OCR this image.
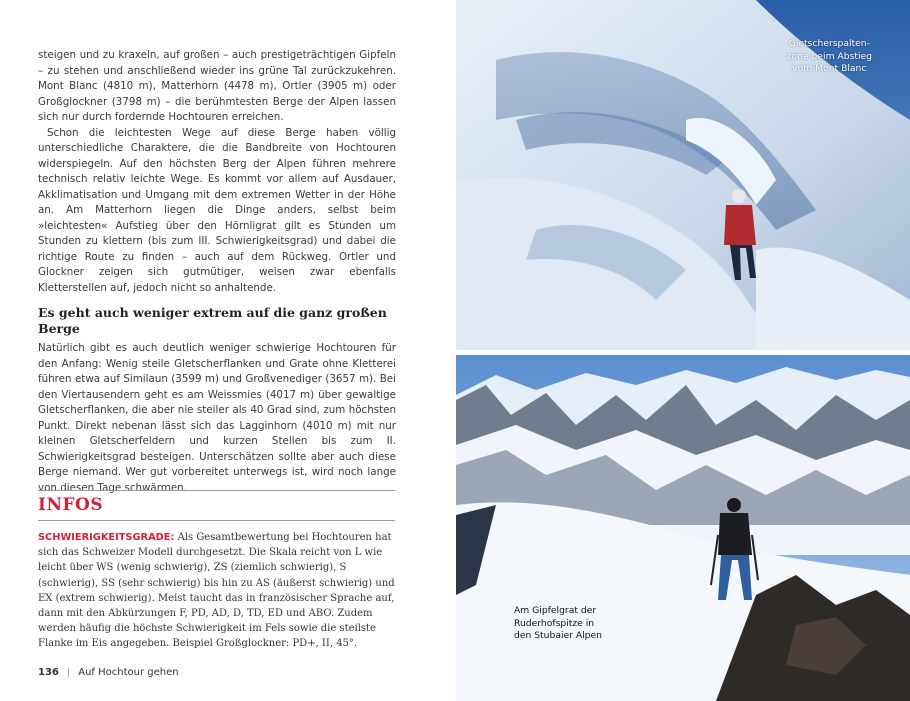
steigen und zu kraxeln, auf großen – auch prestigeträchtigen Gipfeln – zu stehen und anschließend wieder ins grüne Tal zurückzukehren. Mont Blanc (4810 m), Matterhorn (4478 m), Ortler (3905 m) oder Großglockner (3798 m) – die berühmtesten Berge der Alpen lassen sich nur durch fordernde Hochtouren erreichen.

Schon die leichtesten Wege auf diese Berge haben völlig unterschiedliche Charaktere, die die Bandbreite von Hochtouren widerspiegeln. Auf den höchsten Berg der Alpen führen mehrere technisch relativ leichte Wege. Es kommt vor allem auf Ausdauer, Akklimatisation und Umgang mit dem extremen Wetter in der Höhe an. Am Matterhorn liegen die Dinge anders, selbst beim »leichtesten« Aufstieg über den Hörnligrat gilt es Stunden um Stunden zu klettern (bis zum III. Schwierigkeitsgrad) und dabei die richtige Route zu finden – auch auf dem Rückweg. Ortler und Glockner zeigen sich gutmütiger, weisen zwar ebenfalls Kletterstellen auf, jedoch nicht so anhaltende.

Es geht auch weniger extrem auf die ganz großen Berge

Natürlich gibt es auch deutlich weniger schwierige Hochtouren für den Anfang: Wenig steile Gletscherflanken und Grate ohne Kletterei führen etwa auf Similaun (3599 m) und Großvenediger (3657 m). Bei den Viertausendern geht es am Weissmies (4017 m) über gewaltige Gletscherflanken, die aber nie steiler als 40 Grad sind, zum höchsten Punkt. Direkt nebenan lässt sich das Lagginhorn (4010 m) mit nur kleinen Gletscherfeldern und kurzen Stellen bis zum II. Schwierigkeitsgrad besteigen. Unterschätzen sollte aber auch diese Berge niemand. Wer gut vorbereitet unterwegs ist, wird noch lange von diesen Tage schwärmen.

INFOS
SCHWIERIGKEITSGRADE: Als Gesamtbewertung bei Hochtouren hat sich das Schweizer Modell durchgesetzt. Die Skala reicht von L wie leicht über WS (wenig schwierig), ZS (ziemlich schwierig), S (schwierig), SS (sehr schwierig) bis hin zu AS (äußerst schwierig) und EX (extrem schwierig). Meist taucht das in französischer Sprache auf, dann mit den Abkürzungen F, PD, AD, D, TD, ED und ABO. Zudem werden häufig die höchste Schwierigkeit im Fels sowie die steilste Flanke im Eis angegeben. Beispiel Großglockner: PD+, II, 45°.
136 | Auf Hochtour gehen
Gletscherspalten-
zone beim Abstieg
vom Mont Blanc
Am Gipfelgrat der
Ruderhofspitze in
den Stubaier Alpen
